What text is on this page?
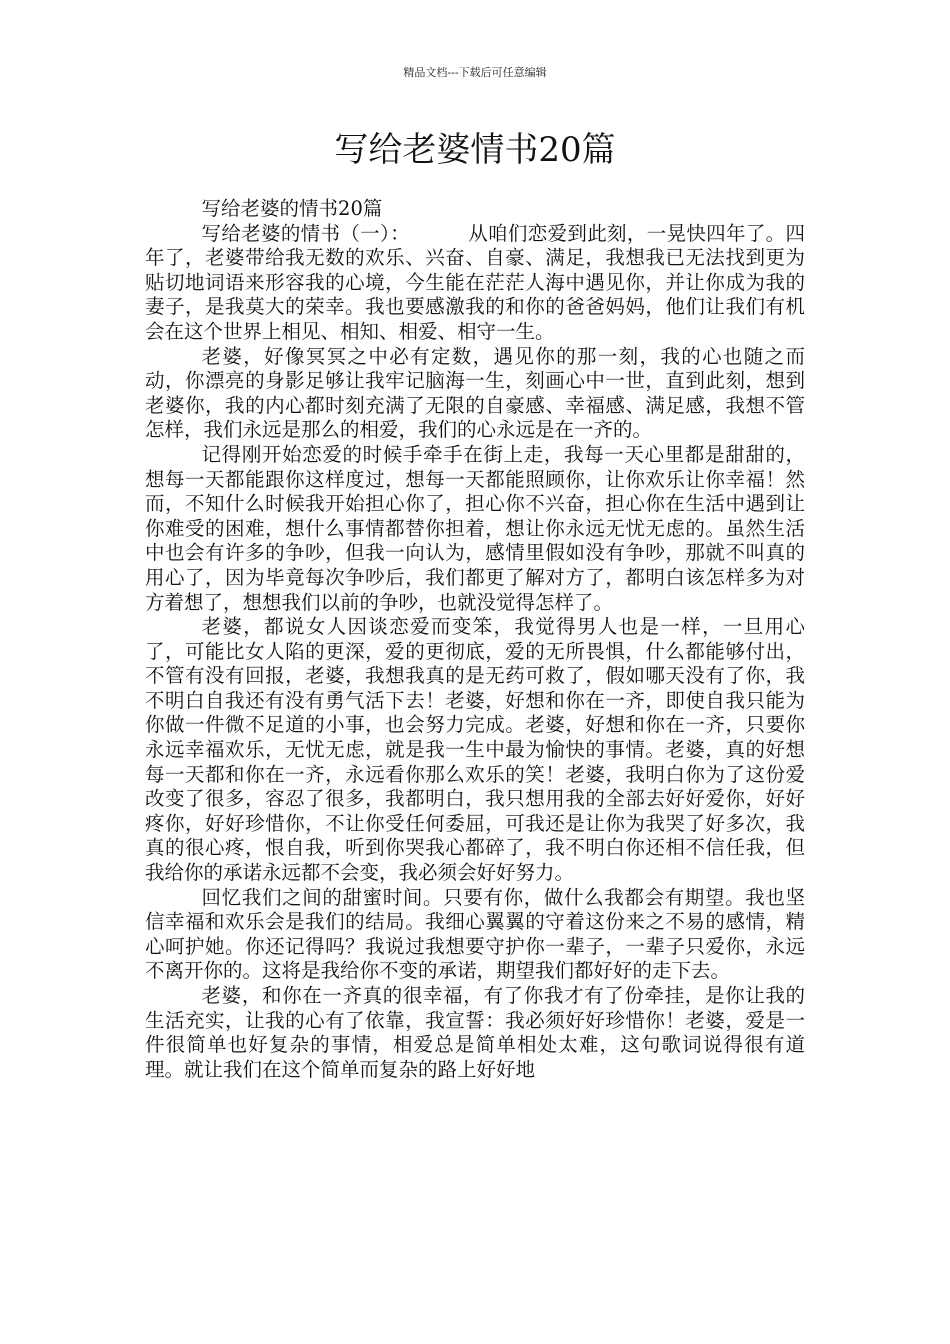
精品文档---下载后可任意编辑
写给老婆情书20篇

写给老婆的情书20篇

写给老婆的情书（一）：	从咱们恋爱到此刻，一晃快四年了。四年了，老婆带给我无数的欢乐、兴奋、自豪、满足，我想我已无法找到更为贴切地词语来形容我的心境，今生能在茫茫人海中遇见你，并让你成为我的妻子，是我莫大的荣幸。我也要感激我的和你的爸爸妈妈，他们让我们有机会在这个世界上相见、相知、相爱、相守一生。

老婆，好像冥冥之中必有定数，遇见你的那一刻，我的心也随之而动，你漂亮的身影足够让我牢记脑海一生，刻画心中一世，直到此刻，想到老婆你，我的内心都时刻充满了无限的自豪感、幸福感、满足感，我想不管怎样，我们永远是那么的相爱，我们的心永远是在一齐的。

记得刚开始恋爱的时候手牵手在街上走，我每一天心里都是甜甜的，想每一天都能跟你这样度过，想每一天都能照顾你，让你欢乐让你幸福！然而，不知什么时候我开始担心你了，担心你不兴奋，担心你在生活中遇到让你难受的困难，想什么事情都替你担着，想让你永远无忧无虑的。虽然生活中也会有许多的争吵，但我一向认为，感情里假如没有争吵，那就不叫真的用心了，因为毕竟每次争吵后，我们都更了解对方了，都明白该怎样多为对方着想了，想想我们以前的争吵，也就没觉得怎样了。

老婆，都说女人因谈恋爱而变笨，我觉得男人也是一样，一旦用心了，可能比女人陷的更深，爱的更彻底，爱的无所畏惧，什么都能够付出，不管有没有回报，老婆，我想我真的是无药可救了，假如哪天没有了你，我不明白自我还有没有勇气活下去！老婆，好想和你在一齐，即使自我只能为你做一件微不足道的小事，也会努力完成。老婆，好想和你在一齐，只要你永远幸福欢乐，无忧无虑，就是我一生中最为愉快的事情。老婆，真的好想每一天都和你在一齐，永远看你那么欢乐的笑！老婆，我明白你为了这份爱改变了很多，容忍了很多，我都明白，我只想用我的全部去好好爱你，好好疼你，好好珍惜你，不让你受任何委屈，可我还是让你为我哭了好多次，我真的很心疼，恨自我，听到你哭我心都碎了，我不明白你还相不信任我，但我给你的承诺永远都不会变，我必须会好好努力。

回忆我们之间的甜蜜时间。只要有你，做什么我都会有期望。我也坚信幸福和欢乐会是我们的结局。我细心翼翼的守着这份来之不易的感情，精心呵护她。你还记得吗？我说过我想要守护你一辈子，一辈子只爱你，永远不离开你的。这将是我给你不变的承诺，期望我们都好好的走下去。

老婆，和你在一齐真的很幸福，有了你我才有了份牵挂，是你让我的生活充实，让我的心有了依靠，我宣誓：我必须好好珍惜你！老婆，爱是一件很简单也好复杂的事情，相爱总是简单相处太难，这句歌词说得很有道理。就让我们在这个简单而复杂的路上好好地
